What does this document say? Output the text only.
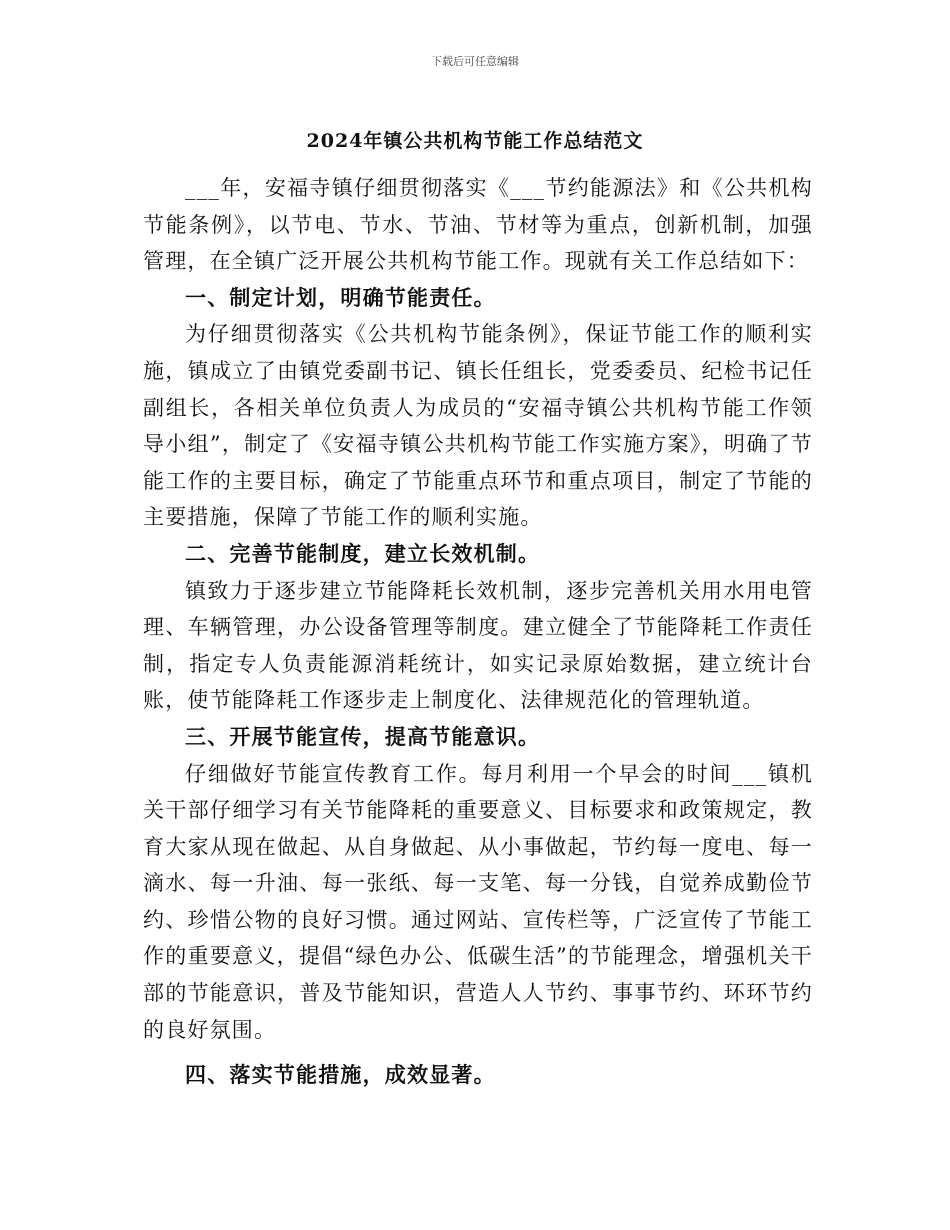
下载后可任意编辑
2024年镇公共机构节能工作总结范文

___年，安福寺镇仔细贯彻落实《___节约能源法》和《公共机构节能条例》，以节电、节水、节油、节材等为重点，创新机制，加强管理，在全镇广泛开展公共机构节能工作。现就有关工作总结如下：

一、制定计划，明确节能责任。

为仔细贯彻落实《公共机构节能条例》，保证节能工作的顺利实施，镇成立了由镇党委副书记、镇长任组长，党委委员、纪检书记任副组长，各相关单位负责人为成员的“安福寺镇公共机构节能工作领导小组”，制定了《安福寺镇公共机构节能工作实施方案》，明确了节能工作的主要目标，确定了节能重点环节和重点项目，制定了节能的主要措施，保障了节能工作的顺利实施。

二、完善节能制度，建立长效机制。

镇致力于逐步建立节能降耗长效机制，逐步完善机关用水用电管理、车辆管理，办公设备管理等制度。建立健全了节能降耗工作责任制，指定专人负责能源消耗统计，如实记录原始数据，建立统计台账，使节能降耗工作逐步走上制度化、法律规范化的管理轨道。

三、开展节能宣传，提高节能意识。

仔细做好节能宣传教育工作。每月利用一个早会的时间___镇机关干部仔细学习有关节能降耗的重要意义、目标要求和政策规定，教育大家从现在做起、从自身做起、从小事做起，节约每一度电、每一滴水、每一升油、每一张纸、每一支笔、每一分钱，自觉养成勤俭节约、珍惜公物的良好习惯。通过网站、宣传栏等，广泛宣传了节能工作的重要意义，提倡“绿色办公、低碳生活”的节能理念，增强机关干部的节能意识，普及节能知识，营造人人节约、事事节约、环环节约的良好氛围。

四、落实节能措施，成效显著。
